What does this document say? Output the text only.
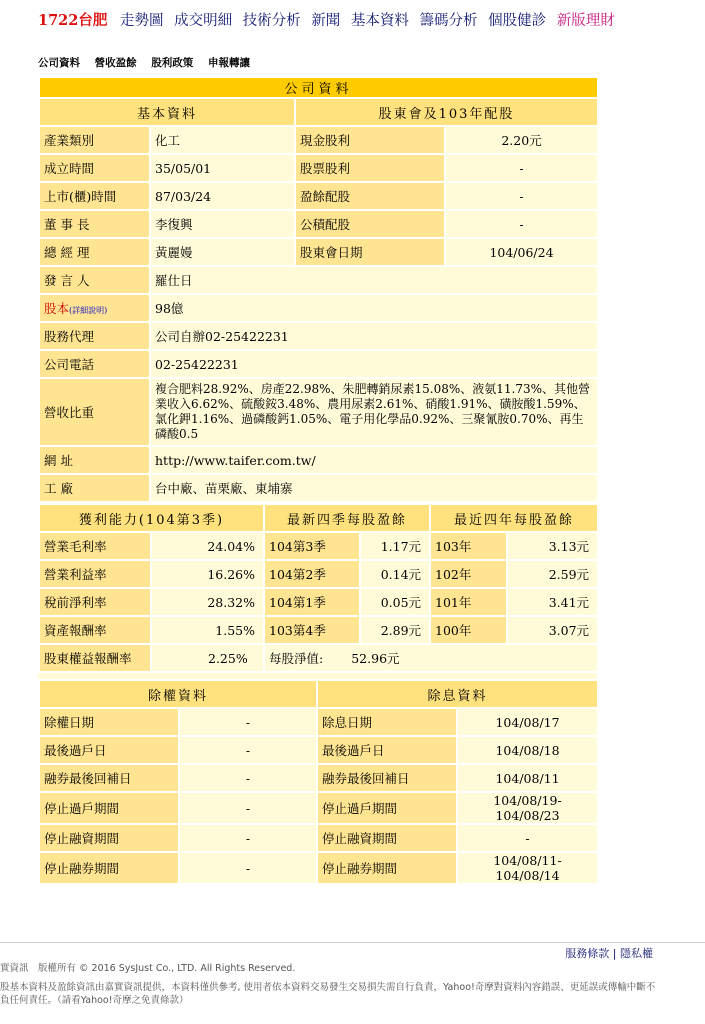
1722台肥 走勢圖 成交明細 技術分析 新聞 基本資料 籌碼分析 個股健診 新版理財
公司資料 營收盈餘 股利政策 申報轉讓
公司資料			
基本資料		股東會及103年配股	
產業類別	化工	現金股利	2.20元
成立時間	35/05/01	股票股利	-
上市(櫃)時間	87/03/24	盈餘配股	-
董 事 長	李復興	公積配股	-
總 經 理	黃麗嫚	股東會日期	104/06/24
發 言 人	羅仕日		
股本(詳細說明)	98億		
股務代理	公司自辦02-25422231		
公司電話	02-25422231		
營收比重	複合肥料28.92%、房產22.98%、朱肥轉銷尿素15.08%、液氨11.73%、其他營業收入6.62%、硫酸銨3.48%、農用尿素2.61%、硝酸1.91%、磺胺酸1.59%、氯化鉀1.16%、過磷酸鈣1.05%、電子用化學品0.92%、三聚氰胺0.70%、再生磷酸0.5		
網 址	http://www.taifer.com.tw/		
工 廠	台中廠、苗栗廠、東埔寨		
獲利能力(104第3季)		最新四季每股盈餘		最近四年每股盈餘	
營業毛利率	24.04%	104第3季	1.17元	103年	3.13元
營業利益率	16.26%	104第2季	0.14元	102年	2.59元
稅前淨利率	28.32%	104第1季	0.05元	101年	3.41元
資產報酬率	1.55%	103第4季	2.89元	100年	3.07元
股東權益報酬率	2.25%	每股淨值: 52.96元			
除權資料		除息資料	
除權日期	-	除息日期	104/08/17
最後過戶日	-	最後過戶日	104/08/18
融券最後回補日	-	融券最後回補日	104/08/11
停止過戶期間	-	停止過戶期間	104/08/19-104/08/23
停止融資期間	-	停止融資期間	-
停止融券期間	-	停止融券期間	104/08/11-104/08/14
服務條款 | 隱私權
實資訊　版權所有 © 2016 SysJust Co., LTD. All Rights Reserved.
股基本資料及盈餘資訊由嘉實資訊提供，本資料僅供參考, 使用者依本資料交易發生交易損失需自行負責，Yahoo!奇摩對資料內容錯誤、更延誤或傳輸中斷不負任何責任。（請看Yahoo!奇摩之免責條款）
